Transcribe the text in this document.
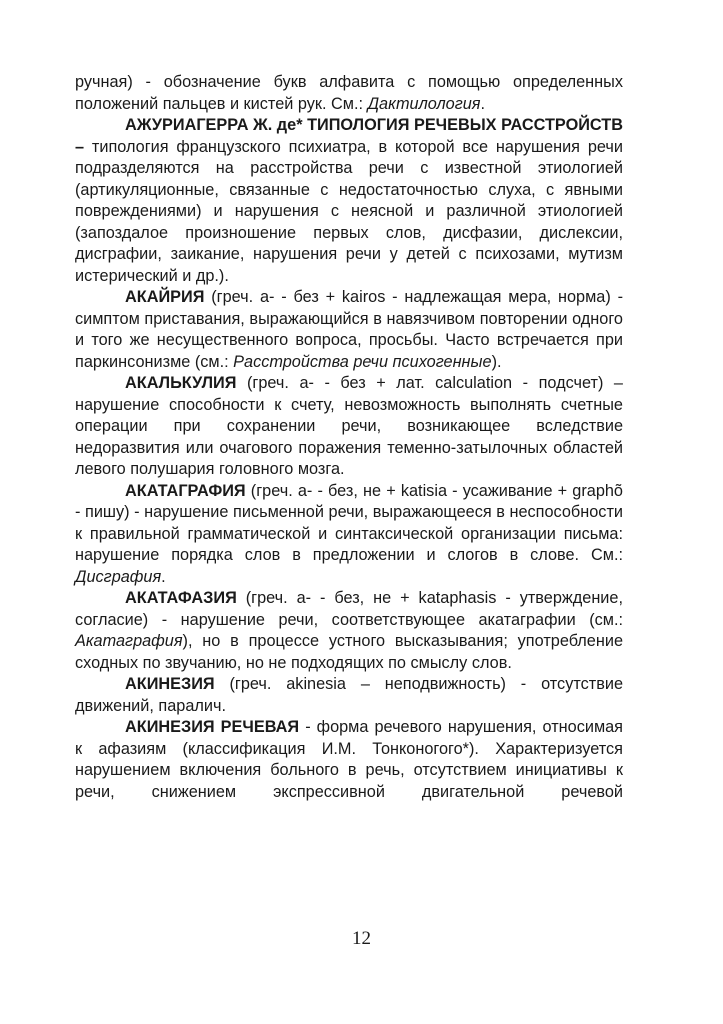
ручная) - обозначение букв алфавита с помощью определенных положений пальцев и кистей рук. См.: Дактилология.

АЖУРИАГЕРРА Ж. де* ТИПОЛОГИЯ РЕЧЕВЫХ РАССТРОЙСТВ – типология французского психиатра, в которой все нарушения речи подразделяются на расстройства речи с известной этиологией (артикуляционные, связанные с недостаточностью слуха, с явными повреждениями) и нарушения с неясной и различной этиологией (запоздалое произношение первых слов, дисфазии, дислексии, дисграфии, заикание, нарушения речи у детей с психозами, мутизм истерический и др.).

АКАЙРИЯ (греч. а- - без + kairos - надлежащая мера, норма) - симптом приставания, выражающийся в навязчивом повторении одного и того же несущественного вопроса, просьбы. Часто встречается при паркинсонизме (см.: Расстройства речи психогенные).

АКАЛЬКУЛИЯ (греч. а- - без + лат. calculation - подсчет) – нарушение способности к счету, невозможность выполнять счетные операции при сохранении речи, возникающее вследствие недоразвития или очагового поражения теменно-затылочных областей левого полушария головного мозга.

АКАТАГРАФИЯ (греч. а- - без, не + katisia - усаживание + graphõ - пишу) - нарушение письменной речи, выражающееся в неспособности к правильной грамматической и синтаксической организации письма: нарушение порядка слов в предложении и слогов в слове. См.: Дисграфия.

АКАТАФАЗИЯ (греч. а- - без, не + kataphasis - утверждение, согласие) - нарушение речи, соответствующее акатаграфии (см.: Акатаграфия), но в процессе устного высказывания; употребление сходных по звучанию, но не подходящих по смыслу слов.

АКИНЕЗИЯ (греч. akinesia – неподвижность) - отсутствие движений, паралич.

АКИНЕЗИЯ РЕЧЕВАЯ - форма речевого нарушения, относимая к афазиям (классификация И.М. Тонконогого*). Характеризуется нарушением включения больного в речь, отсутствием инициативы к речи, снижением экспрессивной двигательной речевой

12
